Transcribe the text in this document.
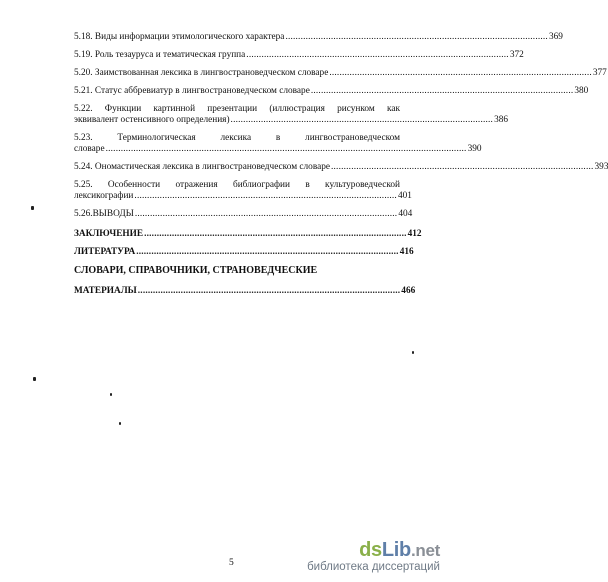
5.18. Виды информации этимологического характера ........................................................................................................ 369
5.19. Роль тезауруса и тематическая группа ........................................................................................................ 372
5.20. Заимствованная лексика в лингвострановедческом словаре ........................................................................................................ 377
5.21. Статус аббревиатур в лингвострановедческом словаре ........................................................................................................ 380
5.22. Функции картинной презентации (иллюстрация рисунком как
эквивалент остенсивного определения) ........................................................................................................ 386
5.23. Терминологическая лексика в лингвострановедческом
словаре ............................................................................................................................................... 390
5.24. Ономастическая лексика в лингвострановедческом словаре ........................................................................................................ 393
5.25. Особенности отражения библиографии в культуроведческой
лексикографии ........................................................................................................ 401
5.26.ВЫВОДЫ ........................................................................................................ 404
ЗАКЛЮЧЕНИЕ ........................................................................................................ 412
ЛИТЕРАТУРА ........................................................................................................ 416
СЛОВАРИ, СПРАВОЧНИКИ, СТРАНОВЕДЧЕСКИЕ
МАТЕРИАЛЫ ........................................................................................................ 466
5
dsLib.net
библиотека диссертаций
